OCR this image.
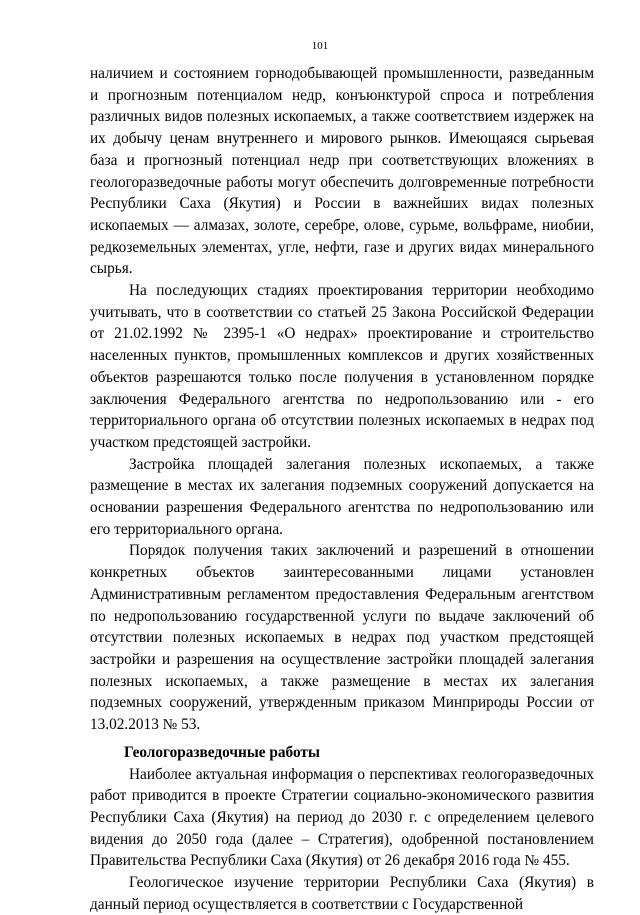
101

наличием и состоянием горнодобывающей промышленности, разведанным и прогнозным потенциалом недр, конъюнктурой спроса и потребления различных видов полезных ископаемых, а также соответствием издержек на их добычу ценам внутреннего и мирового рынков. Имеющаяся сырьевая база и прогнозный потенциал недр при соответствующих вложениях в геологоразведочные работы могут обеспечить долговременные потребности Республики Саха (Якутия) и России в важнейших видах полезных ископаемых — алмазах, золоте, серебре, олове, сурьме, вольфраме, ниобии, редкоземельных элементах, угле, нефти, газе и других видах минерального сырья.

На последующих стадиях проектирования территории необходимо учитывать, что в соответствии со статьей 25 Закона Российской Федерации от 21.02.1992 № 2395-1 «О недрах» проектирование и строительство населенных пунктов, промышленных комплексов и других хозяйственных объектов разрешаются только после получения в установленном порядке заключения Федерального агентства по недропользованию или - его территориального органа об отсутствии полезных ископаемых в недрах под участком предстоящей застройки.

Застройка площадей залегания полезных ископаемых, а также размещение в местах их залегания подземных сооружений допускается на основании разрешения Федерального агентства по недропользованию или его территориального органа.

Порядок получения таких заключений и разрешений в отношении конкретных объектов заинтересованными лицами установлен Административным регламентом предоставления Федеральным агентством по недропользованию государственной услуги по выдаче заключений об отсутствии полезных ископаемых в недрах под участком предстоящей застройки и разрешения на осуществление застройки площадей залегания полезных ископаемых, а также размещение в местах их залегания подземных сооружений, утвержденным приказом Минприроды России от 13.02.2013 № 53.

Геологоразведочные работы

Наиболее актуальная информация о перспективах геологоразведочных работ приводится в проекте Стратегии социально-экономического развития Республики Саха (Якутия) на период до 2030 г. с определением целевого видения до 2050 года (далее – Стратегия), одобренной постановлением Правительства Республики Саха (Якутия) от 26 декабря 2016 года № 455.

Геологическое изучение территории Республики Саха (Якутия) в данный период осуществляется в соответствии с Государственной
